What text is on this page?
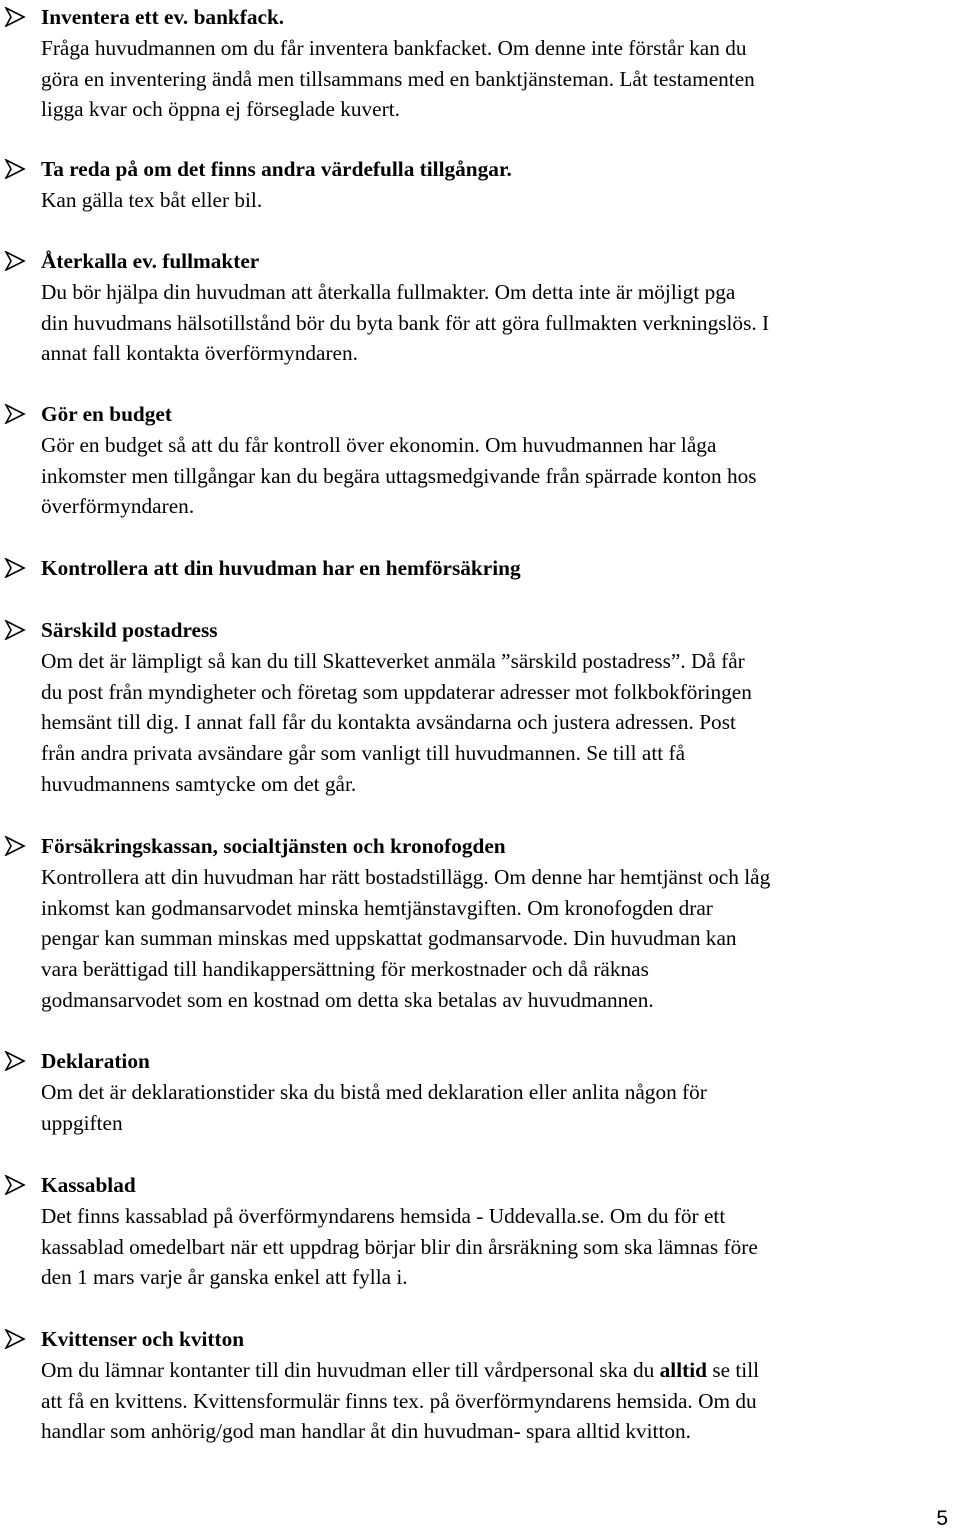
Inventera ett ev. bankfack.
Fråga huvudmannen om du får inventera bankfacket. Om denne inte förstår kan du
göra en inventering ändå men tillsammans med en banktjänsteman. Låt testamenten
ligga kvar och öppna ej förseglade kuvert.
Ta reda på om det finns andra värdefulla tillgångar.
Kan gälla tex båt eller bil.
Återkalla ev. fullmakter
Du bör hjälpa din huvudman att återkalla fullmakter. Om detta inte är möjligt pga
din huvudmans hälsotillstånd bör du byta bank för att göra fullmakten verkningslös. I
annat fall kontakta överförmyndaren.
Gör en budget
Gör en budget så att du får kontroll över ekonomin. Om huvudmannen har låga
inkomster men tillgångar kan du begära uttagsmedgivande från spärrade konton hos
överförmyndaren.
Kontrollera att din huvudman har en hemförsäkring
Särskild postadress
Om det är lämpligt så kan du till Skatteverket anmäla ”särskild postadress”. Då får
du post från myndigheter och företag som uppdaterar adresser mot folkbokföringen
hemsänt till dig. I annat fall får du kontakta avsändarna och justera adressen. Post
från andra privata avsändare går som vanligt till huvudmannen. Se till att få
huvudmannens samtycke om det går.
Försäkringskassan, socialtjänsten och kronofogden
Kontrollera att din huvudman har rätt bostadstillägg. Om denne har hemtjänst och låg
inkomst kan godmansarvodet minska hemtjänstavgiften. Om kronofogden drar
pengar kan summan minskas med uppskattat godmansarvode. Din huvudman kan
vara berättigad till handikappersättning för merkostnader och då räknas
godmansarvodet som en kostnad om detta ska betalas av huvudmannen.
Deklaration
Om det är deklarationstider ska du bistå med deklaration eller anlita någon för
uppgiften
Kassablad
Det finns kassablad på överförmyndarens hemsida - Uddevalla.se. Om du för ett
kassablad omedelbart när ett uppdrag börjar blir din årsräkning som ska lämnas före
den 1 mars varje år ganska enkel att fylla i.
Kvittenser och kvitton
Om du lämnar kontanter till din huvudman eller till vårdpersonal ska du alltid se till
att få en kvittens. Kvittensformulär finns tex. på överförmyndarens hemsida. Om du
handlar som anhörig/god man handlar åt din huvudman- spara alltid kvitton.
5
